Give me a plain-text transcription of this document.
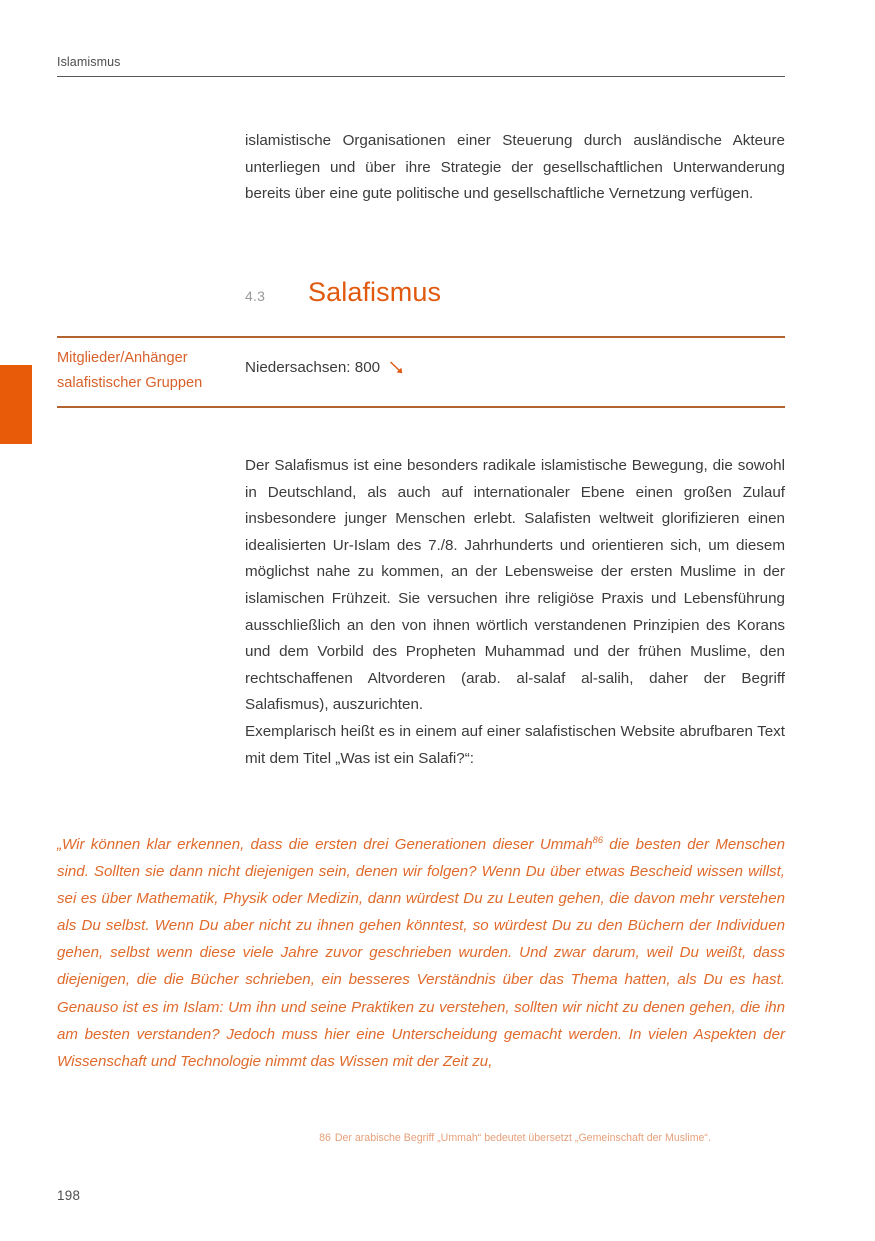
Islamismus

islamistische Organisationen einer Steuerung durch ausländische Akteure unterliegen und über ihre Strategie der gesellschaftlichen Unterwanderung bereits über eine gute politische und gesellschaftliche Vernetzung verfügen.

4.3	Salafismus
Mitglieder/Anhänger salafistischer Gruppen
Niedersachsen: 800

Der Salafismus ist eine besonders radikale islamistische Bewegung, die sowohl in Deutschland, als auch auf internationaler Ebene einen großen Zulauf insbesondere junger Menschen erlebt. Salafisten weltweit glorifizieren einen idealisierten Ur-Islam des 7./8. Jahrhunderts und orientieren sich, um diesem möglichst nahe zu kommen, an der Lebensweise der ersten Muslime in der islamischen Frühzeit. Sie versuchen ihre religiöse Praxis und Lebensführung ausschließlich an den von ihnen wörtlich verstandenen Prinzipien des Korans und dem Vorbild des Propheten Muhammad und der frühen Muslime, den rechtschaffenen Altvorderen (arab. al-salaf al-salih, daher der Begriff Salafismus), auszurichten.

Exemplarisch heißt es in einem auf einer salafistischen Website abrufbaren Text mit dem Titel „Was ist ein Salafi?“:

„Wir können klar erkennen, dass die ersten drei Generationen dieser Ummah$^{86}$ die besten der Menschen sind. Sollten sie dann nicht diejenigen sein, denen wir folgen? Wenn Du über etwas Bescheid wissen willst, sei es über Mathematik, Physik oder Medizin, dann würdest Du zu Leuten gehen, die davon mehr verstehen als Du selbst. Wenn Du aber nicht zu ihnen gehen könntest, so würdest Du zu den Büchern der Individuen gehen, selbst wenn diese viele Jahre zuvor geschrieben wurden. Und zwar darum, weil Du weißt, dass diejenigen, die die Bücher schrieben, ein besseres Verständnis über das Thema hatten, als Du es hast. Genauso ist es im Islam: Um ihn und seine Praktiken zu verstehen, sollten wir nicht zu denen gehen, die ihn am besten verstanden? Jedoch muss hier eine Unterscheidung gemacht werden. In vielen Aspekten der Wissenschaft und Technologie nimmt das Wissen mit der Zeit zu,

86 Der arabische Begriff „Ummah“ bedeutet übersetzt „Gemeinschaft der Muslime“.
198
